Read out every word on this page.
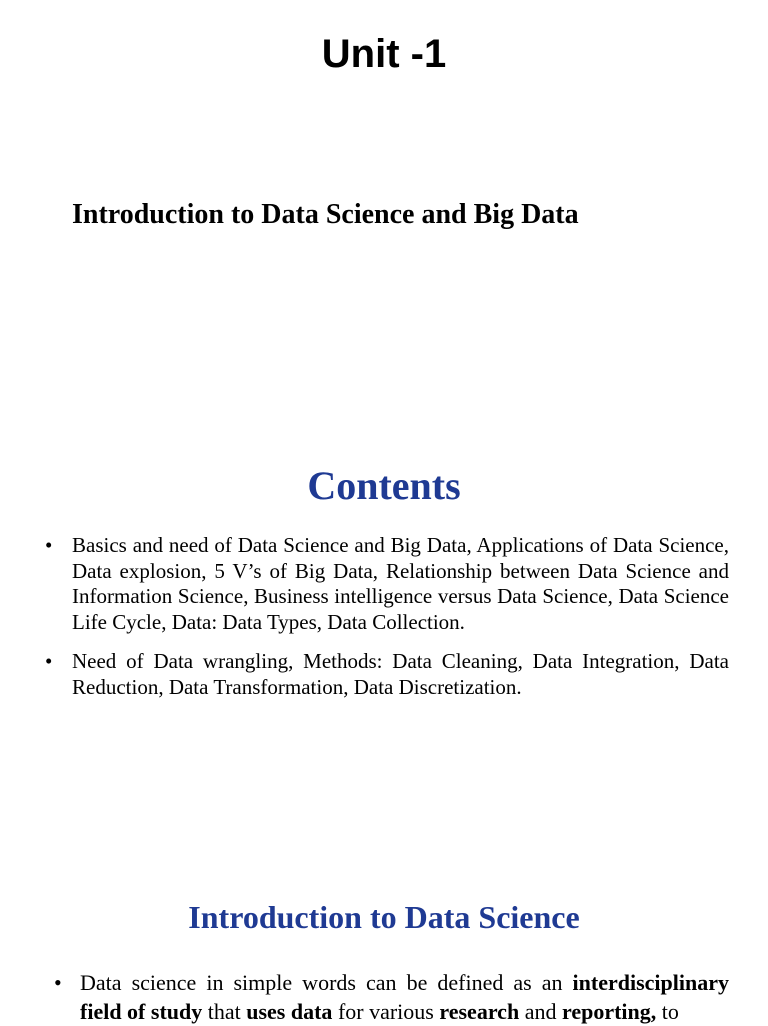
Unit -1
Introduction to Data Science and Big Data
Contents
• Basics and need of Data Science and Big Data, Applications of Data Science, Data explosion, 5 V’s of Big Data, Relationship between Data Science and Information Science, Business intelligence versus Data Science, Data Science Life Cycle, Data: Data Types, Data Collection.
• Need of Data wrangling, Methods: Data Cleaning, Data Integration, Data Reduction, Data Transformation, Data Discretization.
Introduction to Data Science
• Data science in simple words can be defined as an interdisciplinary field of study that uses data for various research and reporting, to
